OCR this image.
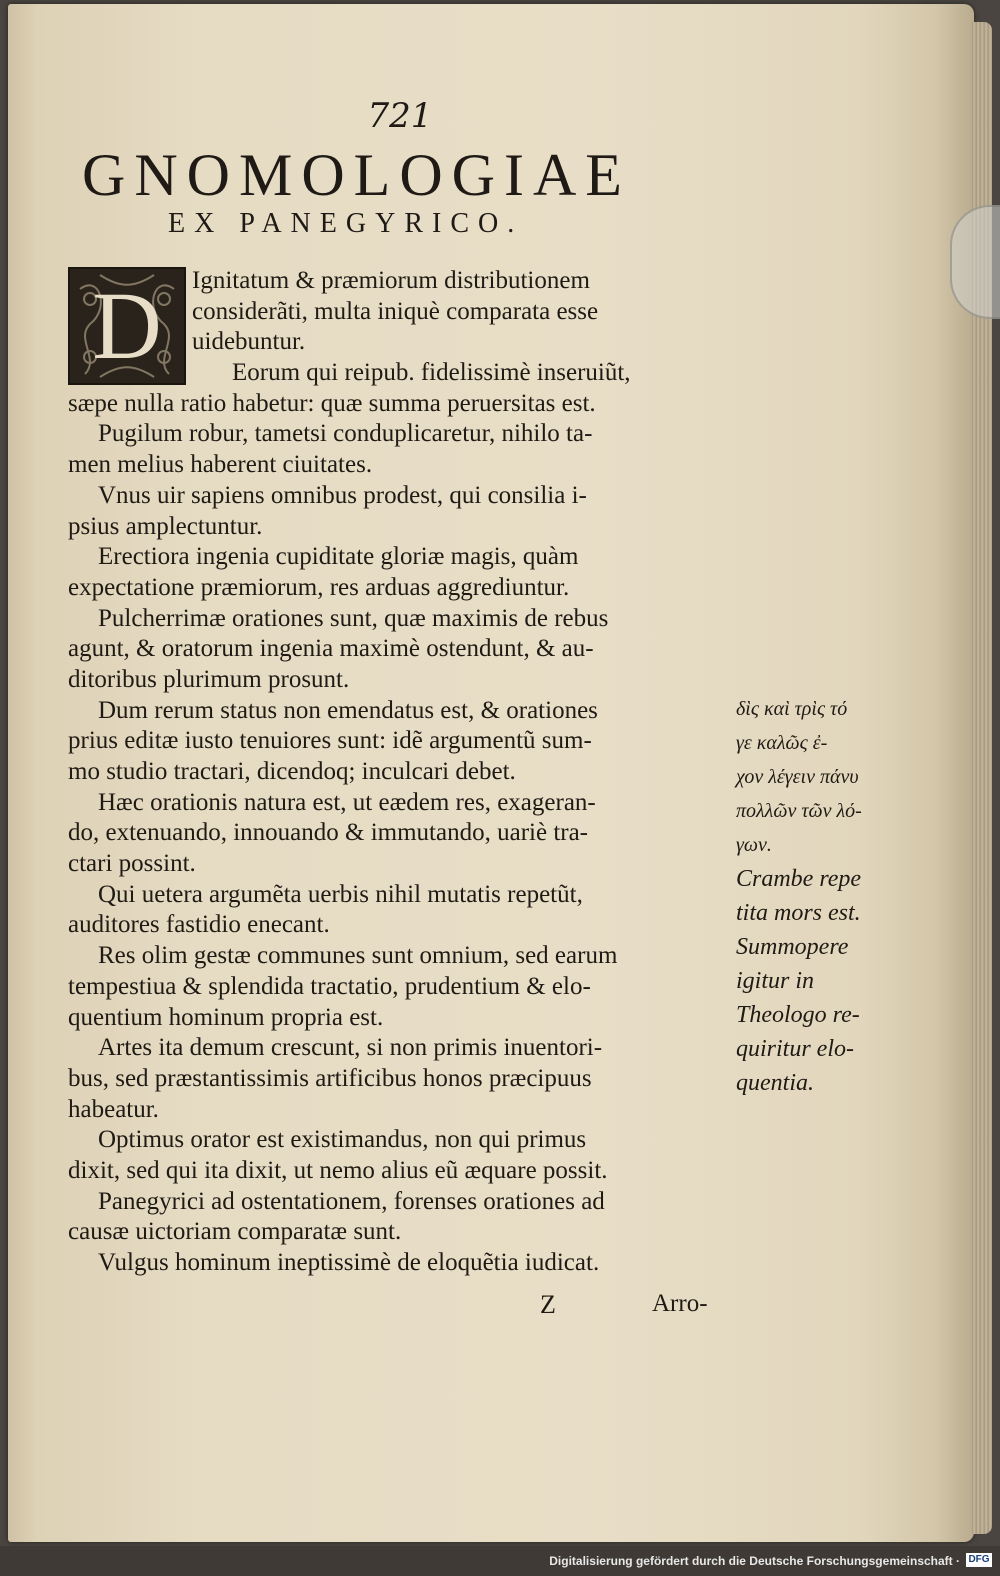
721
GNOMOLOGIAE
EX PANEGYRICO.
D	Ignitatum & præmiorum distributionem
considerãti, multa iniquè comparata esse
uidebuntur.
Eorum qui reipub. fidelissimè inseruiũt,
sæpe nulla ratio habetur: quæ summa peruersitas est.
Pugilum robur, tametsi conduplicaretur, nihilo ta-
men melius haberent ciuitates.
Vnus uir sapiens omnibus prodest, qui consilia i-
psius amplectuntur.
Erectiora ingenia cupiditate gloriæ magis, quàm
expectatione præmiorum, res arduas aggrediuntur.
Pulcherrimæ orationes sunt, quæ maximis de rebus
agunt, & oratorum ingenia maximè ostendunt, & au-
ditoribus plurimum prosunt.
Dum rerum status non emendatus est, & orationes
prius editæ iusto tenuiores sunt: idẽ argumentũ sum-
mo studio tractari, dicendoq; inculcari debet.
Hæc orationis natura est, ut eædem res, exageran-
do, extenuando, innouando & immutando, uariè tra-
ctari possint.
Qui uetera argumẽta uerbis nihil mutatis repetũt,
auditores fastidio enecant.
Res olim gestæ communes sunt omnium, sed earum
tempestiua & splendida tractatio, prudentium & elo-
quentium hominum propria est.
Artes ita demum crescunt, si non primis inuentori-
bus, sed præstantissimis artificibus honos præcipuus
habeatur.
Optimus orator est existimandus, non qui primus
dixit, sed qui ita dixit, ut nemo alius eũ æquare possit.
Panegyrici ad ostentationem, forenses orationes ad
causæ uictoriam comparatæ sunt.
Vulgus hominum ineptissimè de eloquẽtia iudicat.
δὶς καὶ τρὶς τό
γε καλῶς ἐ-
χον λέγειν πάνυ
πολλῶν τῶν λό-
γων.
Crambe repe
tita mors est.
Summopere
igitur in
Theologo re-
quiritur elo-
quentia.
Z	Arro-
Digitalisierung gefördert durch die Deutsche Forschungsgemeinschaft · DFG
